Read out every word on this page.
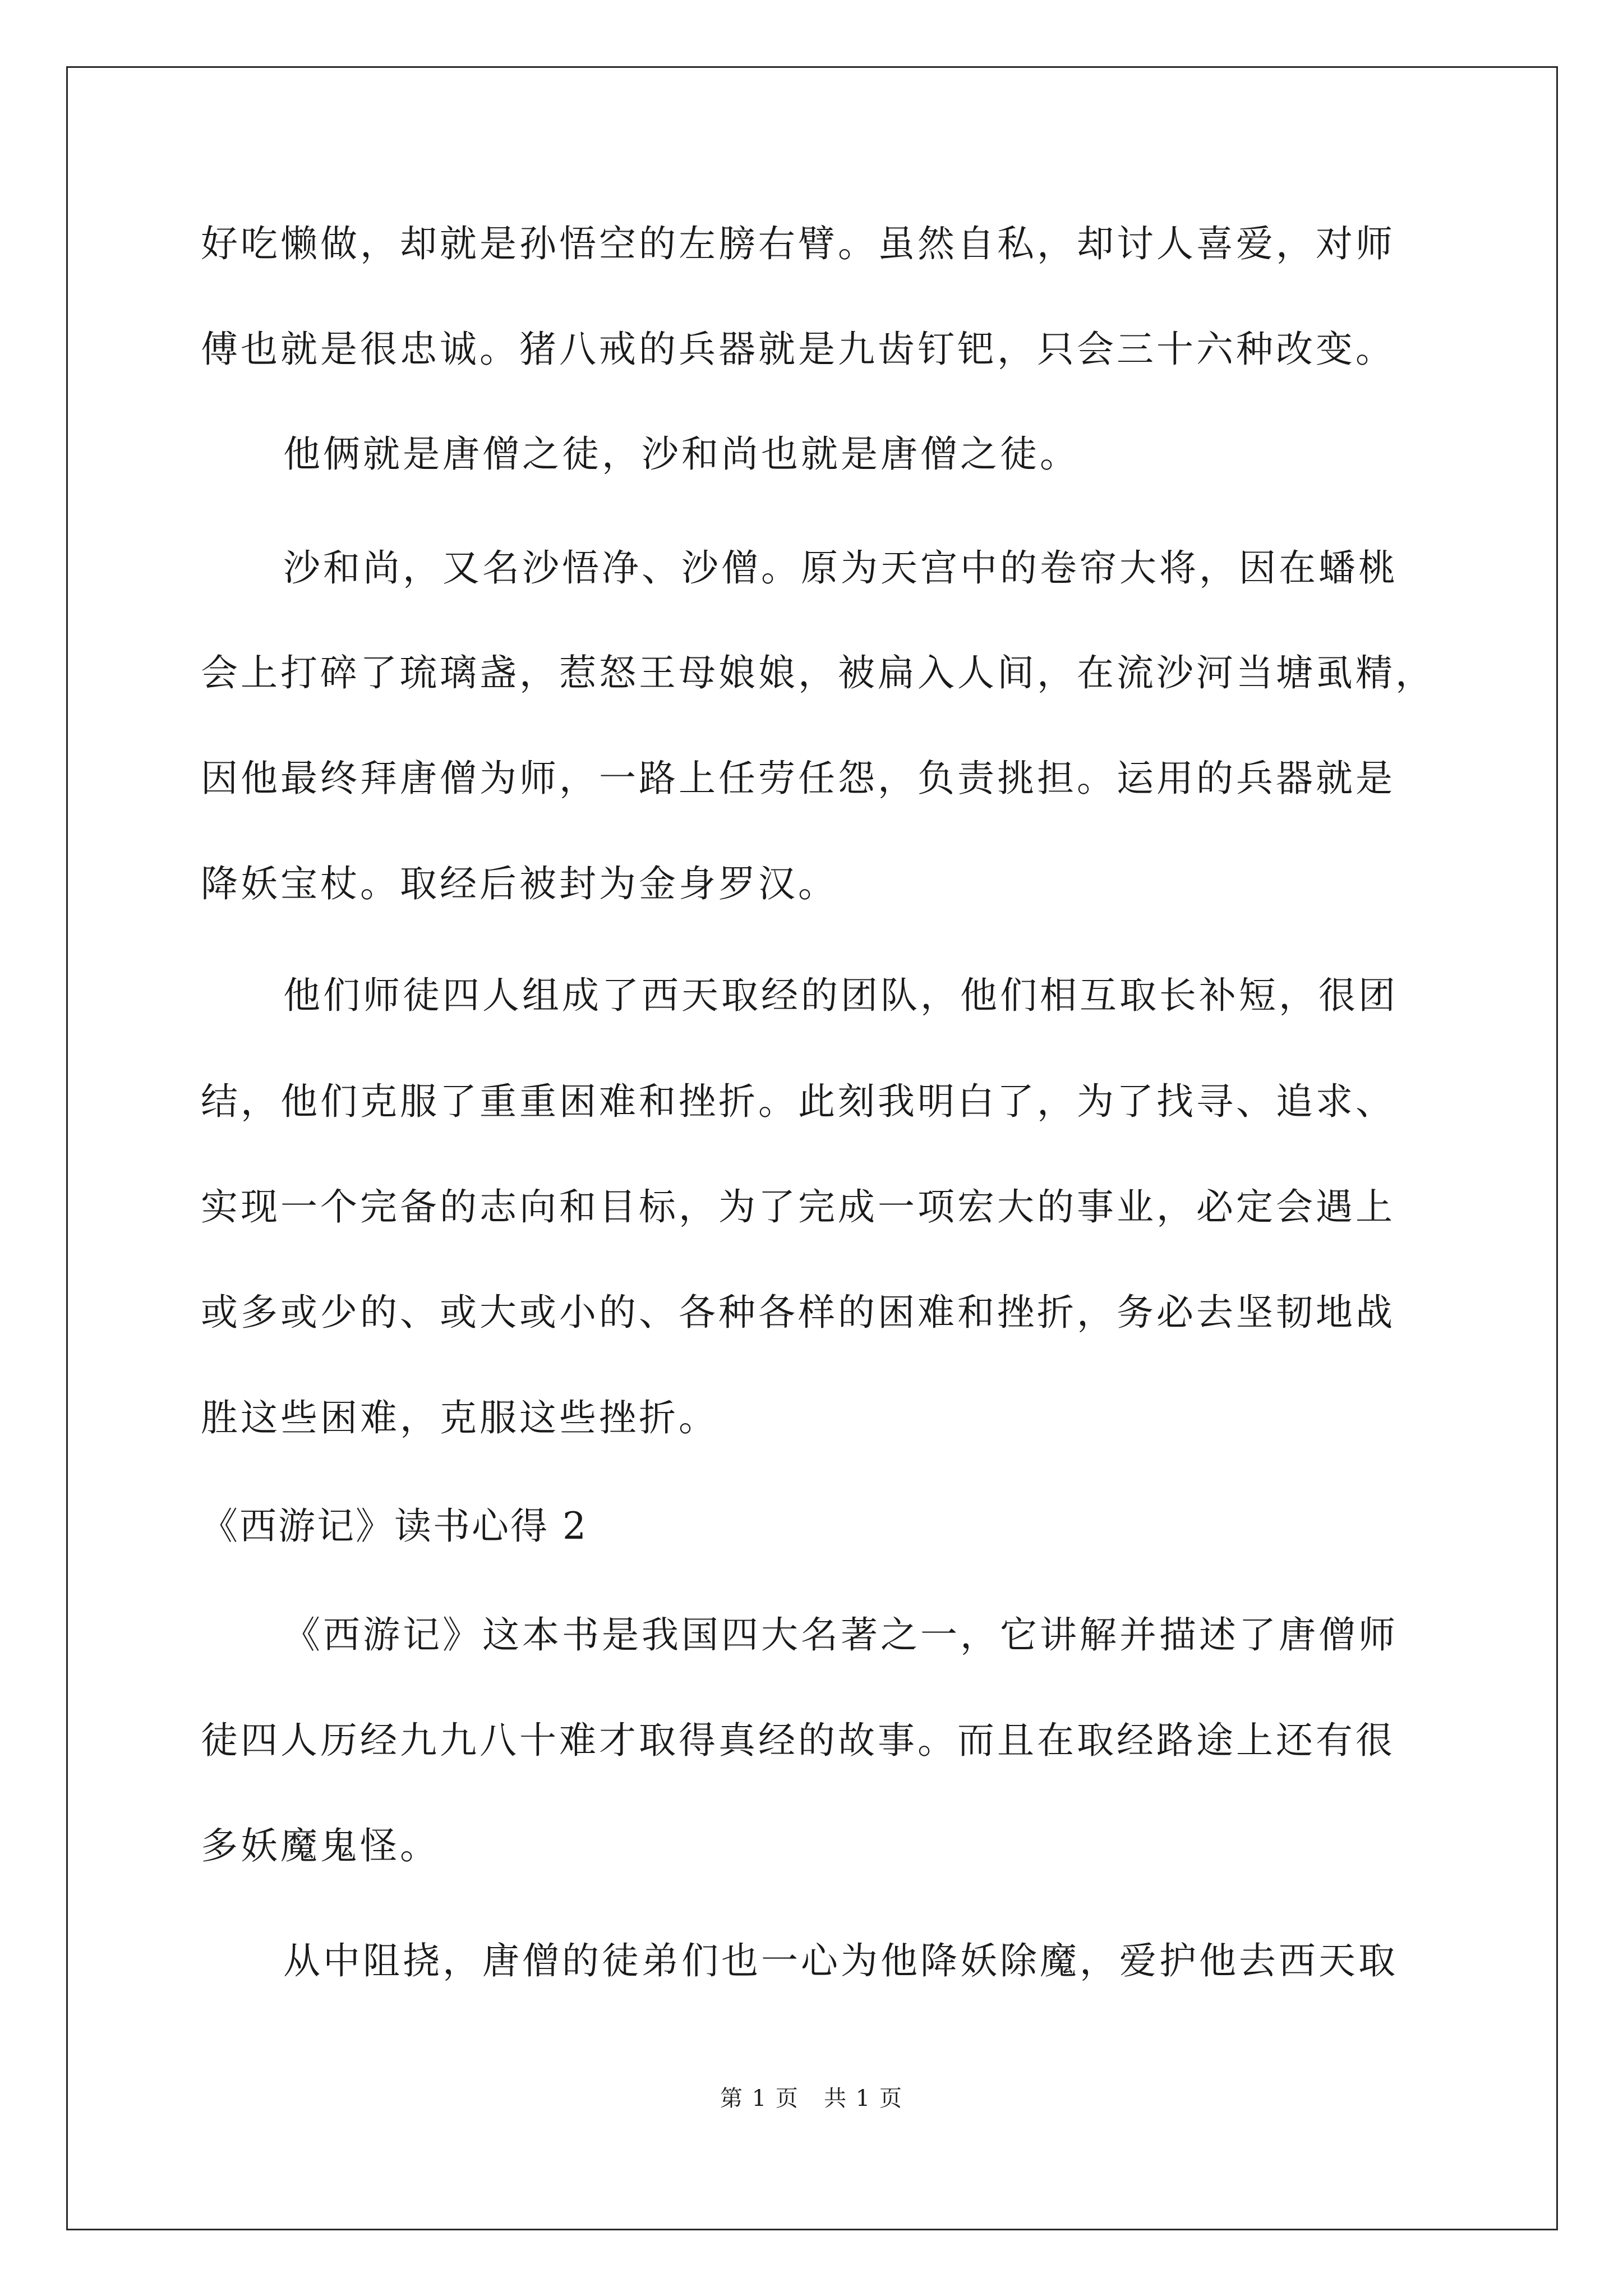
好吃懒做，却就是孙悟空的左膀右臂。虽然自私，却讨人喜爱，对师
傅也就是很忠诚。猪八戒的兵器就是九齿钉钯，只会三十六种改变。
他俩就是唐僧之徒，沙和尚也就是唐僧之徒。
沙和尚，又名沙悟净、沙僧。原为天宫中的卷帘大将，因在蟠桃
会上打碎了琉璃盏，惹怒王母娘娘，被扁入人间，在流沙河当塘虱精，
因他最终拜唐僧为师，一路上任劳任怨，负责挑担。运用的兵器就是
降妖宝杖。取经后被封为金身罗汉。
他们师徒四人组成了西天取经的团队，他们相互取长补短，很团
结，他们克服了重重困难和挫折。此刻我明白了，为了找寻、追求、
实现一个完备的志向和目标，为了完成一项宏大的事业，必定会遇上
或多或少的、或大或小的、各种各样的困难和挫折，务必去坚韧地战
胜这些困难，克服这些挫折。
《西游记》读书心得 2
《西游记》这本书是我国四大名著之一，它讲解并描述了唐僧师
徒四人历经九九八十难才取得真经的故事。而且在取经路途上还有很
多妖魔鬼怪。
从中阻挠，唐僧的徒弟们也一心为他降妖除魔，爱护他去西天取
第 1 页   共 1 页
